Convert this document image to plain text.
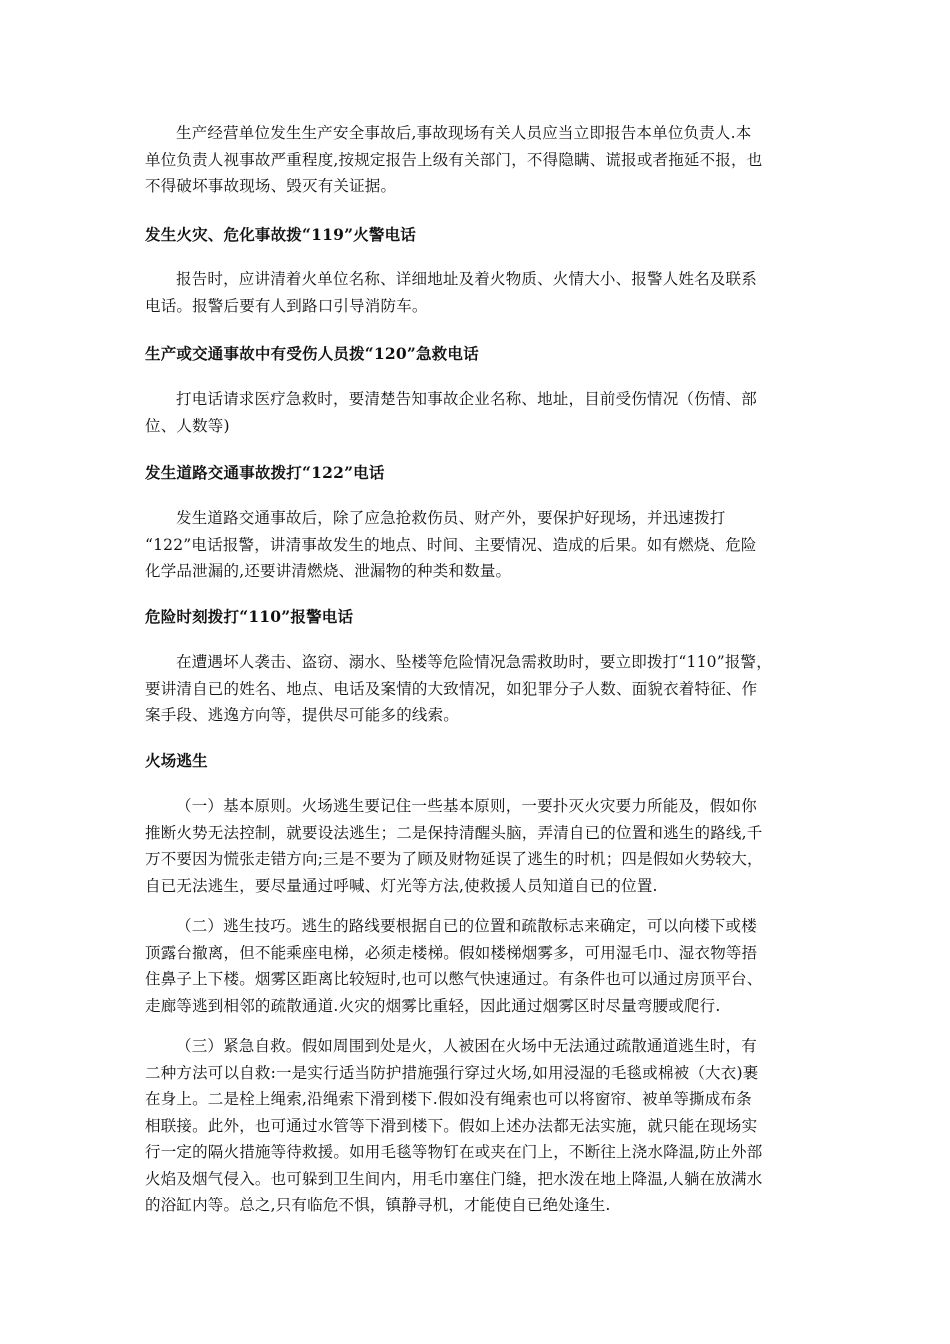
生产经营单位发生生产安全事故后,事故现场有关人员应当立即报告本单位负责人.本
单位负责人视事故严重程度,按规定报告上级有关部门，不得隐瞒、谎报或者拖延不报，也
不得破坏事故现场、毁灭有关证据。

发生火灾、危化事故拨“119”火警电话

报告时，应讲清着火单位名称、详细地址及着火物质、火情大小、报警人姓名及联系
电话。报警后要有人到路口引导消防车。

生产或交通事故中有受伤人员拨“120”急救电话

打电话请求医疗急救时，要清楚告知事故企业名称、地址，目前受伤情况（伤情、部
位、人数等)

发生道路交通事故拨打“122”电话

发生道路交通事故后，除了应急抢救伤员、财产外，要保护好现场，并迅速拨打
“122”电话报警，讲清事故发生的地点、时间、主要情况、造成的后果。如有燃烧、危险
化学品泄漏的,还要讲清燃烧、泄漏物的种类和数量。

危险时刻拨打“110”报警电话

在遭遇坏人袭击、盗窃、溺水、坠楼等危险情况急需救助时，要立即拨打“110”报警，
要讲清自已的姓名、地点、电话及案情的大致情况，如犯罪分子人数、面貌衣着特征、作
案手段、逃逸方向等，提供尽可能多的线索。

火场逃生

（一）基本原则。火场逃生要记住一些基本原则，一要扑灭火灾要力所能及，假如你
推断火势无法控制，就要设法逃生；二是保持清醒头脑，弄清自已的位置和逃生的路线,千
万不要因为慌张走错方向;三是不要为了顾及财物延误了逃生的时机；四是假如火势较大，
自已无法逃生，要尽量通过呼喊、灯光等方法,使救援人员知道自已的位置.

（二）逃生技巧。逃生的路线要根据自已的位置和疏散标志来确定，可以向楼下或楼
顶露台撤离，但不能乘座电梯，必须走楼梯。假如楼梯烟雾多，可用湿毛巾、湿衣物等捂
住鼻子上下楼。烟雾区距离比较短时,也可以憋气快速通过。有条件也可以通过房顶平台、
走廊等逃到相邻的疏散通道.火灾的烟雾比重轻，因此通过烟雾区时尽量弯腰或爬行.

（三）紧急自救。假如周围到处是火，人被困在火场中无法通过疏散通道逃生时，有
二种方法可以自救:一是实行适当防护措施强行穿过火场,如用浸湿的毛毯或棉被（大衣)裹
在身上。二是栓上绳索,沿绳索下滑到楼下.假如没有绳索也可以将窗帘、被单等撕成布条
相联接。此外，也可通过水管等下滑到楼下。假如上述办法都无法实施，就只能在现场实
行一定的隔火措施等待救援。如用毛毯等物钉在或夹在门上，不断往上浇水降温,防止外部
火焰及烟气侵入。也可躲到卫生间内，用毛巾塞住门缝，把水泼在地上降温,人躺在放满水
的浴缸内等。总之,只有临危不惧，镇静寻机，才能使自已绝处逢生.
